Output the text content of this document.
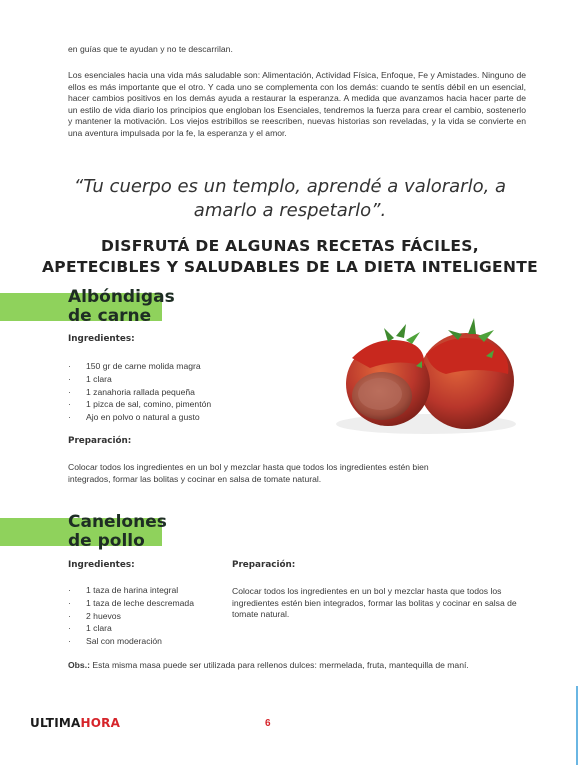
en guías que te ayudan y no te descarrilan.

Los esenciales hacia una vida más saludable son: Alimentación, Actividad Física, Enfoque, Fe y Amistades. Ninguno de ellos es más importante que el otro. Y cada uno se complementa con los demás: cuando te sentís débil en un esencial, hacer cambios positivos en los demás ayuda a restaurar la esperanza. A medida que avanzamos hacia hacer parte de un estilo de vida diario los principios que engloban los Esenciales, tendremos la fuerza para crear el cambio, sostenerlo y mantener la motivación. Los viejos estribillos se reescriben, nuevas historias son reveladas, y la vida se convierte en una aventura impulsada por la fe, la esperanza y el amor.

“Tu cuerpo es un templo, aprendé a valorarlo, a amarlo a respetarlo”.
DISFRUTÁ DE ALGUNAS RECETAS FÁCILES, APETECIBLES Y SALUDABLES DE LA DIETA INTELIGENTE
Albóndigas
de carne
Ingredientes:
· 150 gr de carne molida magra
· 1 clara
· 1 zanahoria rallada pequeña
· 1 pizca de sal, comino, pimentón
· Ajo en polvo o natural a gusto
Preparación:

Colocar todos los ingredientes en un bol y mezclar hasta que todos los ingredientes estén bien integrados, formar las bolitas y cocinar en salsa de tomate natural.

Canelones
de pollo
Ingredientes:
· 1 taza de harina integral
· 1 taza de leche descremada
· 2 huevos
· 1 clara
· Sal con moderación
Preparación:

Colocar todos los ingredientes en un bol y mezclar hasta que todos los ingredientes estén bien integrados, formar las bolitas y cocinar en salsa de tomate natural.

Obs.: Esta misma masa puede ser utilizada para rellenos dulces: mermelada, fruta, mantequilla de maní.

ULTIMAHORA	6
